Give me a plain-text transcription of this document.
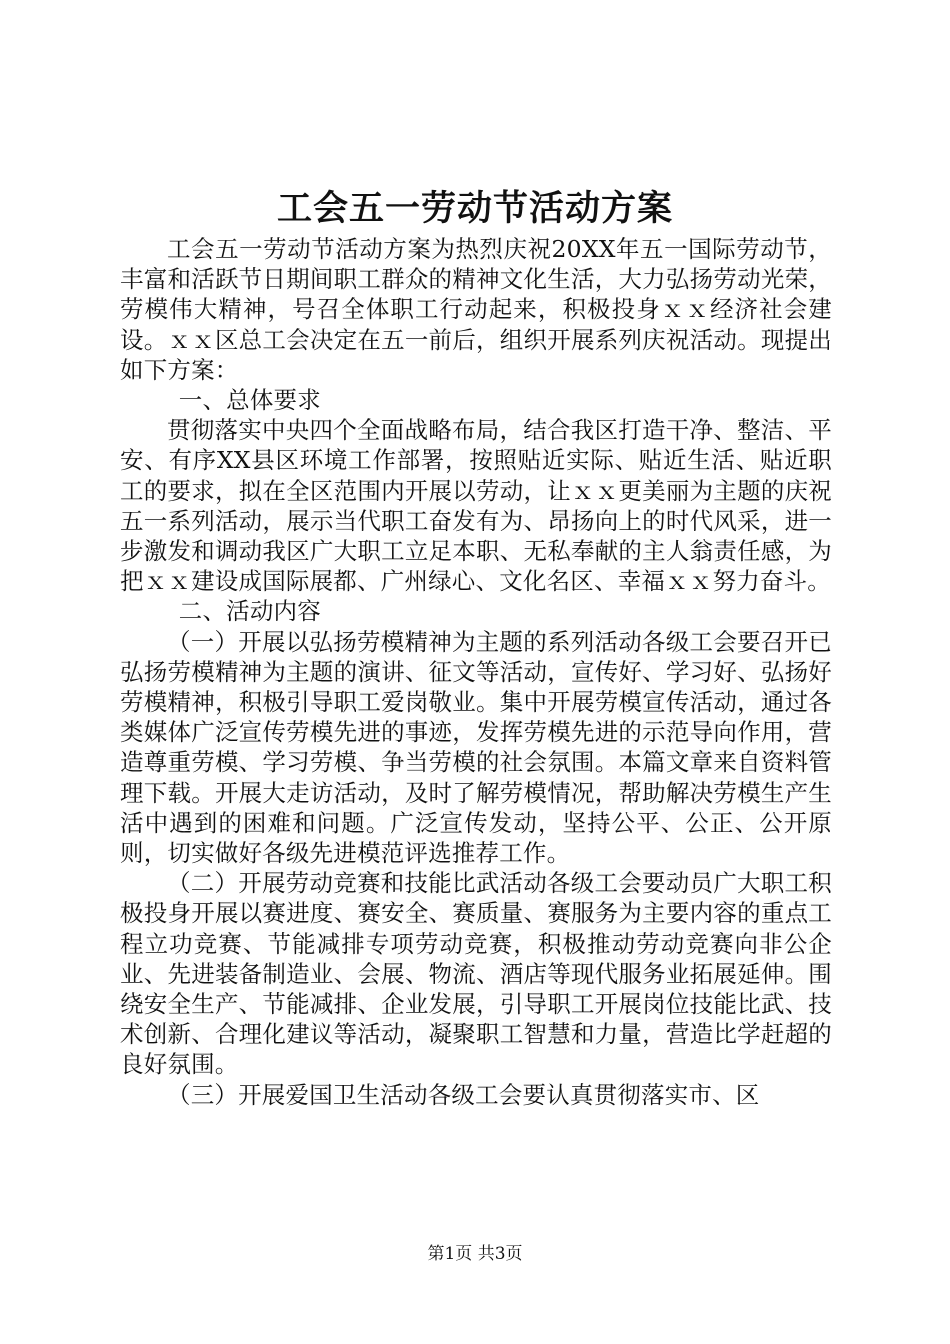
工会五一劳动节活动方案

工会五一劳动节活动方案为热烈庆祝20XX年五一国际劳动节，丰富和活跃节日期间职工群众的精神文化生活，大力弘扬劳动光荣，劳模伟大精神，号召全体职工行动起来，积极投身ｘｘ经济社会建设。ｘｘ区总工会决定在五一前后，组织开展系列庆祝活动。现提出如下方案：

一、总体要求

贯彻落实中央四个全面战略布局，结合我区打造干净、整洁、平安、有序XX县区环境工作部署，按照贴近实际、贴近生活、贴近职工的要求，拟在全区范围内开展以劳动，让ｘｘ更美丽为主题的庆祝五一系列活动，展示当代职工奋发有为、昂扬向上的时代风采，进一步激发和调动我区广大职工立足本职、无私奉献的主人翁责任感，为把ｘｘ建设成国际展都、广州绿心、文化名区、幸福ｘｘ努力奋斗。

二、活动内容

（一）开展以弘扬劳模精神为主题的系列活动各级工会要召开已弘扬劳模精神为主题的演讲、征文等活动，宣传好、学习好、弘扬好劳模精神，积极引导职工爱岗敬业。集中开展劳模宣传活动，通过各类媒体广泛宣传劳模先进的事迹，发挥劳模先进的示范导向作用，营造尊重劳模、学习劳模、争当劳模的社会氛围。本篇文章来自资料管理下载。开展大走访活动，及时了解劳模情况，帮助解决劳模生产生活中遇到的困难和问题。广泛宣传发动，坚持公平、公正、公开原则，切实做好各级先进模范评选推荐工作。

（二）开展劳动竞赛和技能比武活动各级工会要动员广大职工积极投身开展以赛进度、赛安全、赛质量、赛服务为主要内容的重点工程立功竞赛、节能减排专项劳动竞赛，积极推动劳动竞赛向非公企业、先进装备制造业、会展、物流、酒店等现代服务业拓展延伸。围绕安全生产、节能减排、企业发展，引导职工开展岗位技能比武、技术创新、合理化建议等活动，凝聚职工智慧和力量，营造比学赶超的良好氛围。

（三）开展爱国卫生活动各级工会要认真贯彻落实市、区

第1页 共3页
